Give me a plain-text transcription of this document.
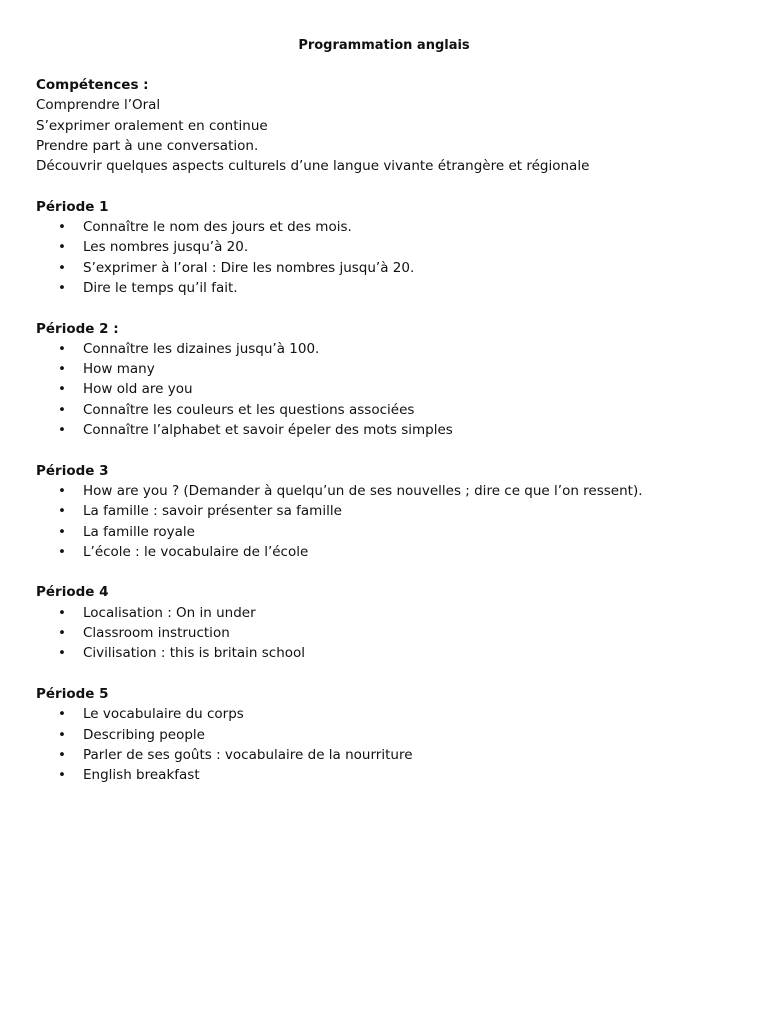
Programmation anglais
Compétences :
Comprendre l’Oral
S’exprimer oralement en continue
Prendre part à une conversation.
Découvrir quelques aspects culturels d’une langue vivante étrangère et régionale
Période 1
• Connaître le nom des jours et des mois.
• Les nombres jusqu’à 20.
• S’exprimer à l’oral : Dire les nombres jusqu’à 20.
• Dire le temps qu’il fait.
Période 2 :
• Connaître les dizaines jusqu’à 100.
• How many
• How old are you
• Connaître les couleurs et les questions associées
• Connaître l’alphabet et savoir épeler des mots simples
Période 3
• How are you ? (Demander à quelqu’un de ses nouvelles ; dire ce que l’on ressent).
• La famille : savoir présenter sa famille
• La famille royale
• L’école : le vocabulaire de l’école
Période 4
• Localisation : On in under
• Classroom instruction
• Civilisation : this is britain school
Période 5
• Le vocabulaire du corps
• Describing people
• Parler de ses goûts : vocabulaire de la nourriture
• English breakfast
